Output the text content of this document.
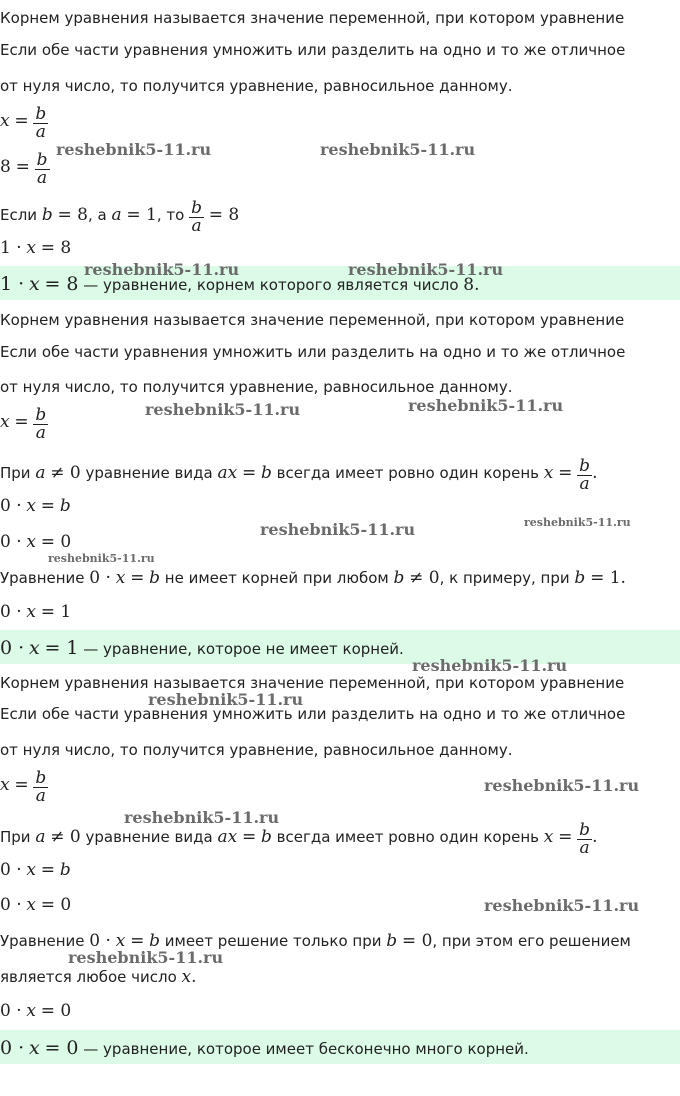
Корнем уравнения называется значение переменной, при котором уравнение
Если обе части уравнения умножить или разделить на одно и то же отличное
от нуля число, то получится уравнение, равносильное данному.
$x = \frac{b}{a}$
$8 = \frac{b}{a}$
Если b = 8, а a = 1, то $\frac{b}{a} = 8$
1 · x = 8
1 · x = 8 — уравнение, корнем которого является число 8.
Корнем уравнения называется значение переменной, при котором уравнение
Если обе части уравнения умножить или разделить на одно и то же отличное
от нуля число, то получится уравнение, равносильное данному.
$x = \frac{b}{a}$
При a ≠ 0 уравнение вида ax = b всегда имеет ровно один корень $x = \frac{b}{a}$ .
0 · x = b
0 · x = 0
Уравнение 0 · x = b не имеет корней при любом b ≠ 0, к примеру, при b = 1.
0 · x = 1
0 · x = 1 — уравнение, которое не имеет корней.
Корнем уравнения называется значение переменной, при котором уравнение
Если обе части уравнения умножить или разделить на одно и то же отличное
от нуля число, то получится уравнение, равносильное данному.
$x = \frac{b}{a}$
При a ≠ 0 уравнение вида ax = b всегда имеет ровно один корень $x = \frac{b}{a}$ .
0 · x = b
0 · x = 0
Уравнение 0 · x = b имеет решение только при b = 0, при этом его решением
является любое число x.
0 · x = 0
0 · x = 0 — уравнение, которое имеет бесконечно много корней.
reshebnik5-11.ru	reshebnik5-11.ru
reshebnik5-11.ru	reshebnik5-11.ru
reshebnik5-11.ru	reshebnik5-11.ru
reshebnik5-11.ru	reshebnik5-11.ru
reshebnik5-11.ru
reshebnik5-11.ru
reshebnik5-11.ru
reshebnik5-11.ru
reshebnik5-11.ru
reshebnik5-11.ru
reshebnik5-11.ru
